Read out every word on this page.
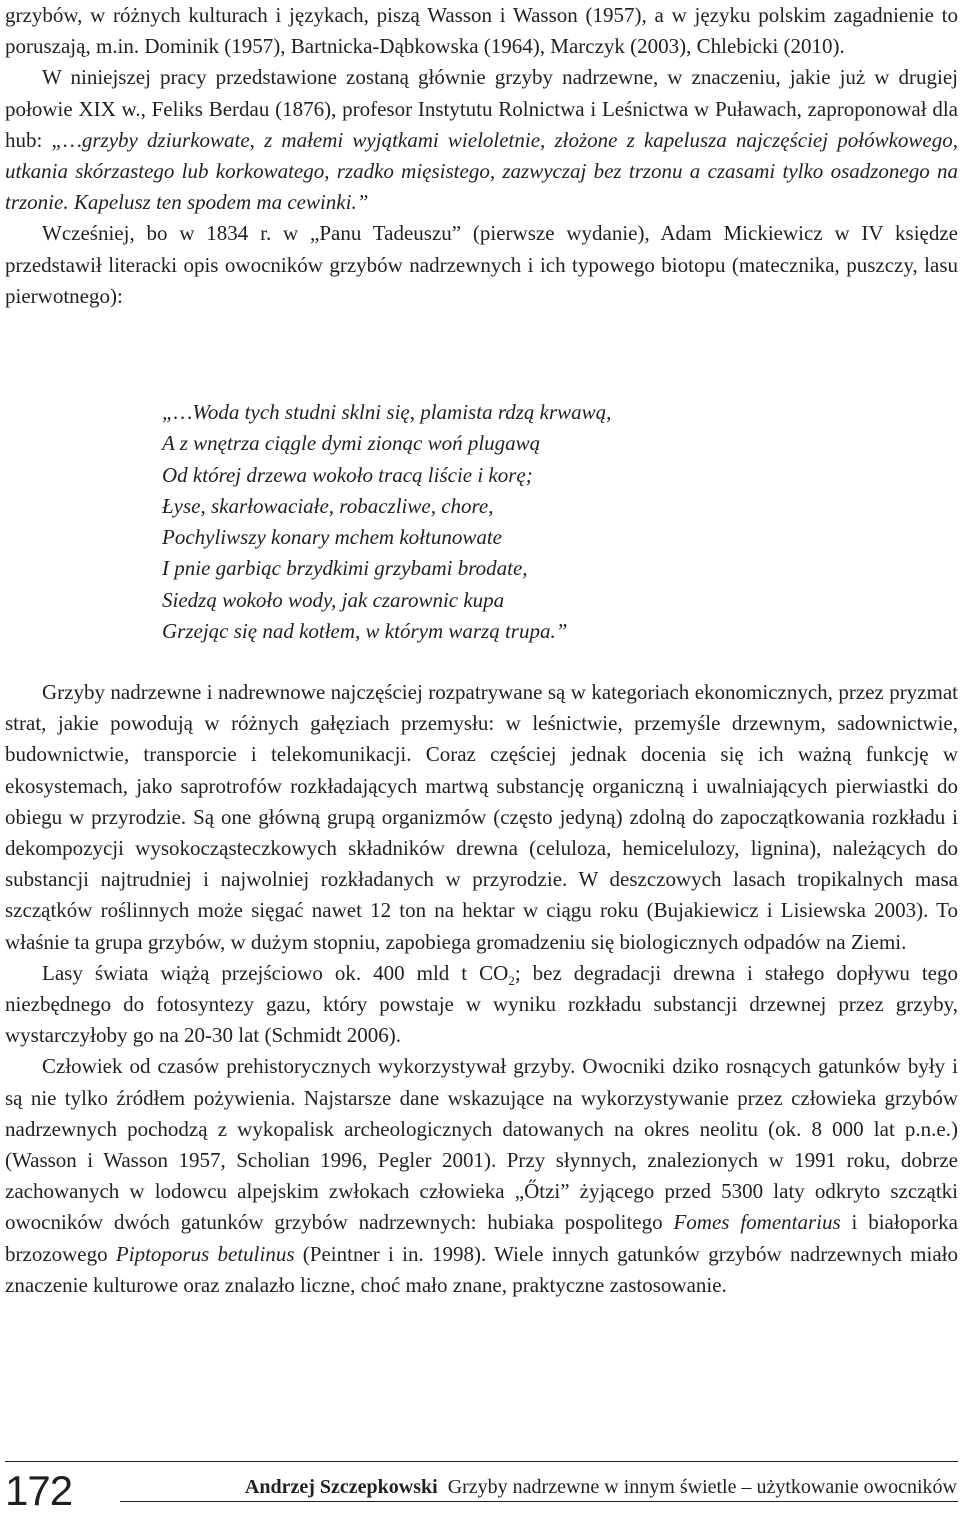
grzybów, w różnych kulturach i językach, piszą Wasson i Wasson (1957), a w języku polskim zagadnienie to poruszają, m.in. Dominik (1957), Bartnicka-Dąbkowska (1964), Marczyk (2003), Chlebicki (2010).

W niniejszej pracy przedstawione zostaną głównie grzyby nadrzewne, w znaczeniu, jakie już w drugiej połowie XIX w., Feliks Berdau (1876), profesor Instytutu Rolnictwa i Leśnictwa w Puławach, zaproponował dla hub: „…grzyby dziurkowate, z małemi wyjątkami wieloletnie, złożone z kapelusza najczęściej połówkowego, utkania skórzastego lub korkowatego, rzadko mięsistego, zazwyczaj bez trzonu a czasami tylko osadzonego na trzonie. Kapelusz ten spodem ma cewinki.”

Wcześniej, bo w 1834 r. w „Panu Tadeuszu” (pierwsze wydanie), Adam Mickiewicz w IV księdze przedstawił literacki opis owocników grzybów nadrzewnych i ich typowego biotopu (matecznika, puszczy, lasu pierwotnego):

„…Woda tych studni sklni się, plamista rdzą krwawą,
A z wnętrza ciągle dymi zionąc woń plugawą
Od której drzewa wokoło tracą liście i korę;
Łyse, skarłowaciałe, robaczliwe, chore,
Pochyliwszy konary mchem kołtunowate
I pnie garbiąc brzydkimi grzybami brodate,
Siedzą wokoło wody, jak czarownic kupa
Grzejąc się nad kotłem, w którym warzą trupa.”

Grzyby nadrzewne i nadrewnowe najczęściej rozpatrywane są w kategoriach ekonomicznych, przez pryzmat strat, jakie powodują w różnych gałęziach przemysłu: w leśnictwie, przemyśle drzewnym, sadownictwie, budownictwie, transporcie i telekomunikacji. Coraz częściej jednak docenia się ich ważną funkcję w ekosystemach, jako saprotrofów rozkładających martwą substancję organiczną i uwalniających pierwiastki do obiegu w przyrodzie. Są one główną grupą organizmów (często jedyną) zdolną do zapoczątkowania rozkładu i dekompozycji wysokocząsteczkowych składników drewna (celuloza, hemicelulozy, lignina), należących do substancji najtrudniej i najwolniej rozkładanych w przyrodzie. W deszczowych lasach tropikalnych masa szczątków roślinnych może sięgać nawet 12 ton na hektar w ciągu roku (Bujakiewicz i Lisiewska 2003). To właśnie ta grupa grzybów, w dużym stopniu, zapobiega gromadzeniu się biologicznych odpadów na Ziemi.

Lasy świata wiążą przejściowo ok. 400 mld t $CO_2$; bez degradacji drewna i stałego dopływu tego niezbędnego do fotosyntezy gazu, który powstaje w wyniku rozkładu substancji drzewnej przez grzyby, wystarczyłoby go na 20-30 lat (Schmidt 2006).

Człowiek od czasów prehistorycznych wykorzystywał grzyby. Owocniki dziko rosnących gatunków były i są nie tylko źródłem pożywienia. Najstarsze dane wskazujące na wykorzystywanie przez człowieka grzybów nadrzewnych pochodzą z wykopalisk archeologicznych datowanych na okres neolitu (ok. 8 000 lat p.n.e.) (Wasson i Wasson 1957, Scholian 1996, Pegler 2001). Przy słynnych, znalezionych w 1991 roku, dobrze zachowanych w lodowcu alpejskim zwłokach człowieka „Őtzi” żyjącego przed 5300 laty odkryto szczątki owocników dwóch gatunków grzybów nadrzewnych: hubiaka pospolitego Fomes fomentarius i białoporka brzozowego Piptoporus betulinus (Peintner i in. 1998). Wiele innych gatunków grzybów nadrzewnych miało znaczenie kulturowe oraz znalazło liczne, choć mało znane, praktyczne zastosowanie.

172	Andrzej Szczepkowski Grzyby nadrzewne w innym świetle – użytkowanie owocników
